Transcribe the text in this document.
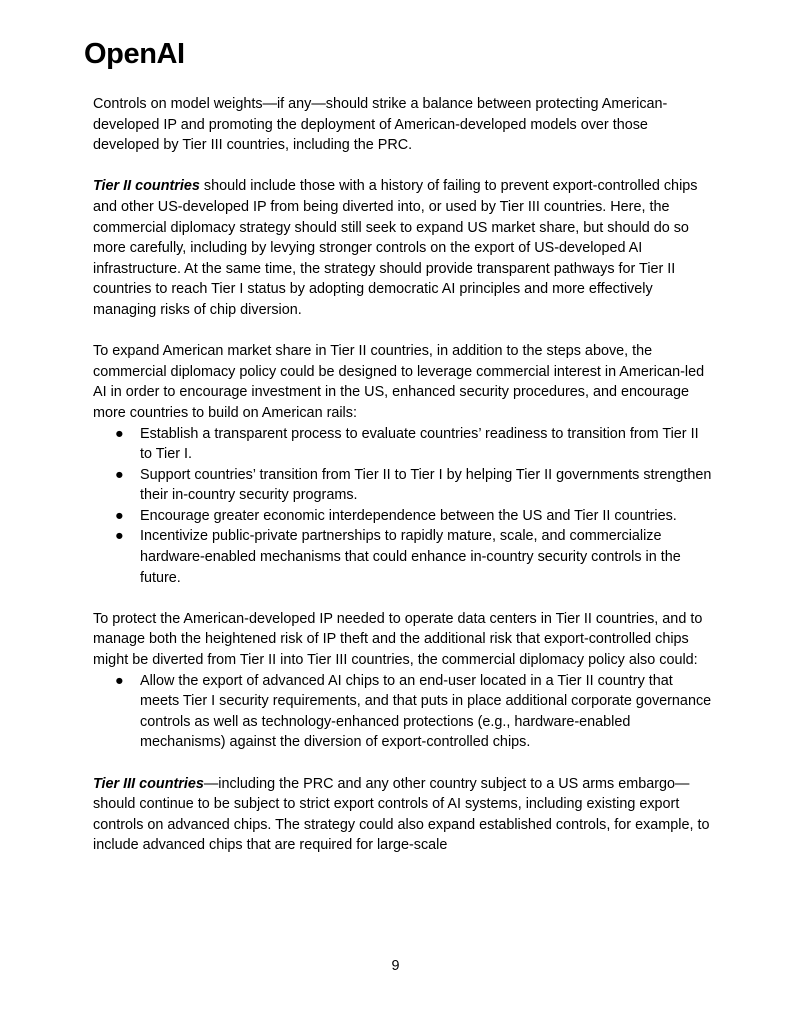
OpenAI

Controls on model weights—if any—should strike a balance between protecting American-developed IP and promoting the deployment of American-developed models over those developed by Tier III countries, including the PRC.

Tier II countries should include those with a history of failing to prevent export-controlled chips and other US-developed IP from being diverted into, or used by Tier III countries. Here, the commercial diplomacy strategy should still seek to expand US market share, but should do so more carefully, including by levying stronger controls on the export of US-developed AI infrastructure. At the same time, the strategy should provide transparent pathways for Tier II countries to reach Tier I status by adopting democratic AI principles and more effectively managing risks of chip diversion.

To expand American market share in Tier II countries, in addition to the steps above, the commercial diplomacy policy could be designed to leverage commercial interest in American-led AI in order to encourage investment in the US, enhanced security procedures, and encourage more countries to build on American rails:

● Establish a transparent process to evaluate countries’ readiness to transition from Tier II to Tier I.
● Support countries’ transition from Tier II to Tier I by helping Tier II governments strengthen their in-country security programs.
● Encourage greater economic interdependence between the US and Tier II countries.
● Incentivize public-private partnerships to rapidly mature, scale, and commercialize hardware-enabled mechanisms that could enhance in-country security controls in the future.

To protect the American-developed IP needed to operate data centers in Tier II countries, and to manage both the heightened risk of IP theft and the additional risk that export-controlled chips might be diverted from Tier II into Tier III countries, the commercial diplomacy policy also could:

● Allow the export of advanced AI chips to an end-user located in a Tier II country that meets Tier I security requirements, and that puts in place additional corporate governance controls as well as technology-enhanced protections (e.g., hardware-enabled mechanisms) against the diversion of export-controlled chips.

Tier III countries—including the PRC and any other country subject to a US arms embargo—should continue to be subject to strict export controls of AI systems, including existing export controls on advanced chips. The strategy could also expand established controls, for example, to include advanced chips that are required for large-scale

9
